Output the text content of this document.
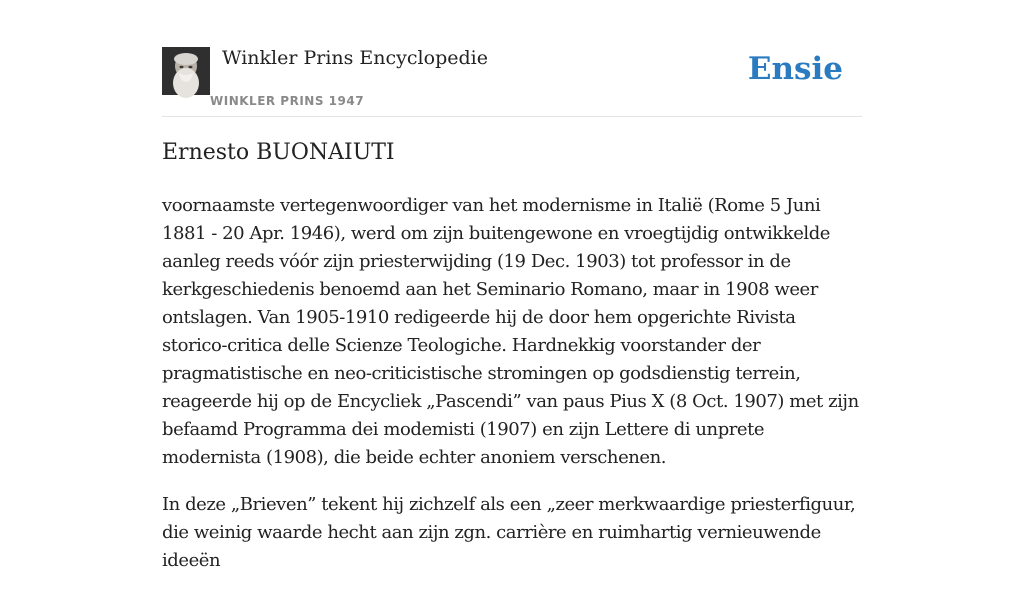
Winkler Prins Encyclopedie
WINKLER PRINS 1947
Ensie
Ernesto BUONAIUTI

voornaamste vertegenwoordiger van het modernisme in Italië (Rome 5 Juni 1881 - 20 Apr. 1946), werd om zijn buitengewone en vroegtijdig ontwikkelde aanleg reeds vóór zijn priesterwijding (19 Dec. 1903) tot professor in de kerkgeschiedenis benoemd aan het Seminario Romano, maar in 1908 weer ontslagen. Van 1905-1910 redigeerde hij de door hem opgerichte Rivista storico-critica delle Scienze Teologiche. Hardnekkig voorstander der pragmatistische en neo-criticistische stromingen op godsdienstig terrein, reageerde hij op de Encycliek „Pascendi” van paus Pius X (8 Oct. 1907) met zijn befaamd Programma dei modemisti (1907) en zijn Lettere di unprete modernista (1908), die beide echter anoniem verschenen.

In deze „Brieven” tekent hij zichzelf als een „zeer merkwaardige priesterfiguur, die weinig waarde hecht aan zijn zgn. carrière en ruimhartig vernieuwende ideeën
